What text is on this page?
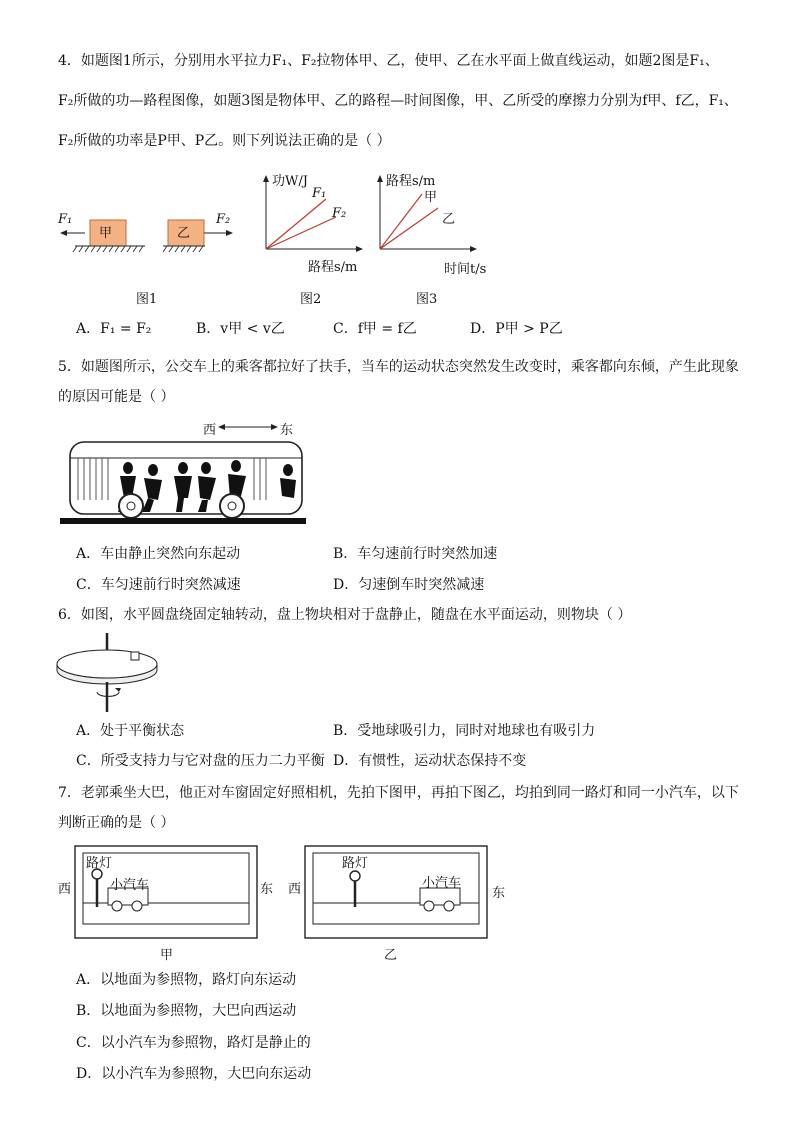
4．如题图1所示，分别用水平拉力F₁、F₂拉物体甲、乙，使甲、乙在水平面上做直线运动，如题2图是F₁、
F₂所做的功—路程图像，如题3图是物体甲、乙的路程—时间图像，甲、乙所受的摩擦力分别为f甲、f乙，F₁、
F₂所做的功率是P甲、P乙。则下列说法正确的是（ ）
F₁
甲	乙
F₂
图1
功W/J
F₁
F₂
路程s/m
图2
路程s/m
甲
乙
时间t/s
图3
A．F₁ = F₂	B．v甲 < v乙	C．f甲 = f乙	D．P甲 > P乙
5．如题图所示，公交车上的乘客都拉好了扶手，当车的运动状态突然发生改变时，乘客都向东倾，产生此现象
的原因可能是（ ）
西	东
A．车由静止突然向东起动	B．车匀速前行时突然加速
C．车匀速前行时突然减速	D．匀速倒车时突然减速
6．如图，水平圆盘绕固定轴转动，盘上物块相对于盘静止，随盘在水平面运动，则物块（ ）
A．处于平衡状态	B．受地球吸引力，同时对地球也有吸引力
C．所受支持力与它对盘的压力二力平衡 D．有惯性，运动状态保持不变
7．老郭乘坐大巴，他正对车窗固定好照相机，先拍下图甲，再拍下图乙，均拍到同一路灯和同一小汽车，以下
判断正确的是（ ）
路灯
小汽车
西	东
甲
路灯
小汽车
西	东
乙
A．以地面为参照物，路灯向东运动
B．以地面为参照物，大巴向西运动
C．以小汽车为参照物，路灯是静止的
D．以小汽车为参照物，大巴向东运动
